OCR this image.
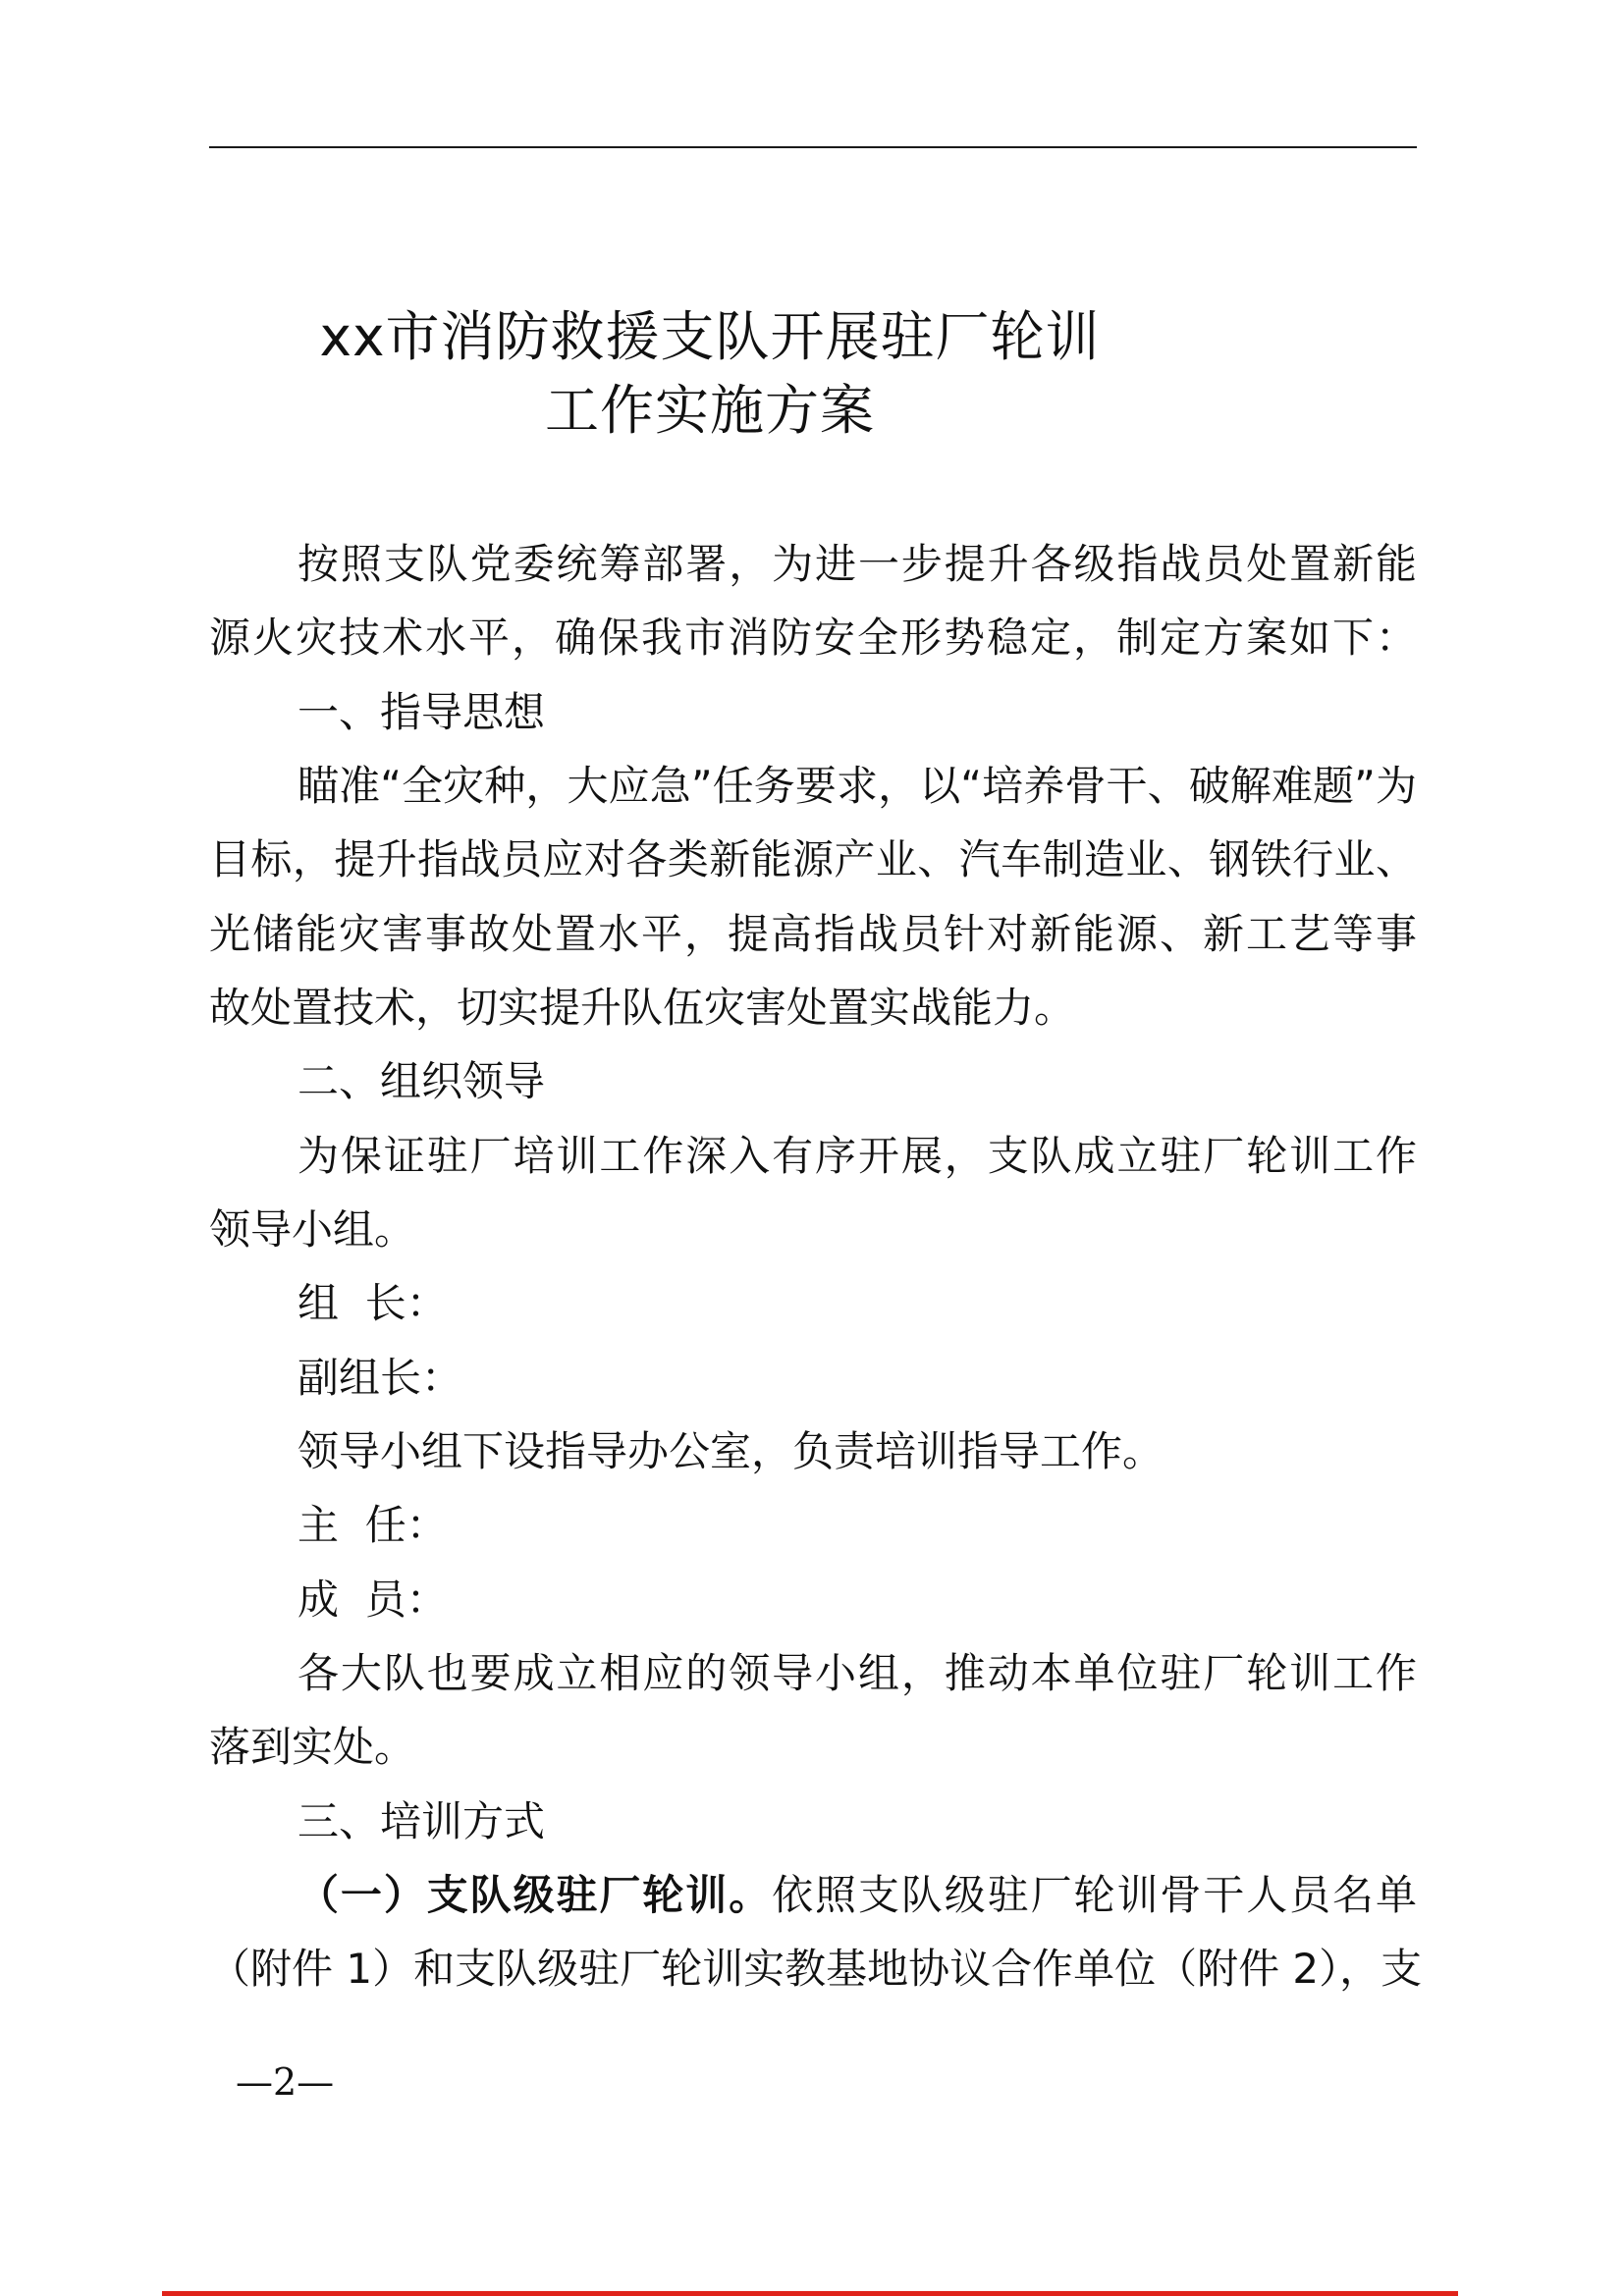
xx市消防救援支队开展驻厂轮训
工作实施方案
按照支队党委统筹部署，为进一步提升各级指战员处置新能
源火灾技术水平，确保我市消防安全形势稳定，制定方案如下：
一、指导思想
瞄准“全灾种，大应急”任务要求，以“培养骨干、破解难题”为
目标，提升指战员应对各类新能源产业、汽车制造业、钢铁行业、
光储能灾害事故处置水平，提高指战员针对新能源、新工艺等事
故处置技术，切实提升队伍灾害处置实战能力。
二、组织领导
为保证驻厂培训工作深入有序开展，支队成立驻厂轮训工作
领导小组。
组  长：
副组长：
领导小组下设指导办公室，负责培训指导工作。
主  任：
成  员：
各大队也要成立相应的领导小组，推动本单位驻厂轮训工作
落到实处。
三、培训方式
（一）支队级驻厂轮训。依照支队级驻厂轮训骨干人员名单
（附件 1）和支队级驻厂轮训实教基地协议合作单位（附件 2），支
—2—
